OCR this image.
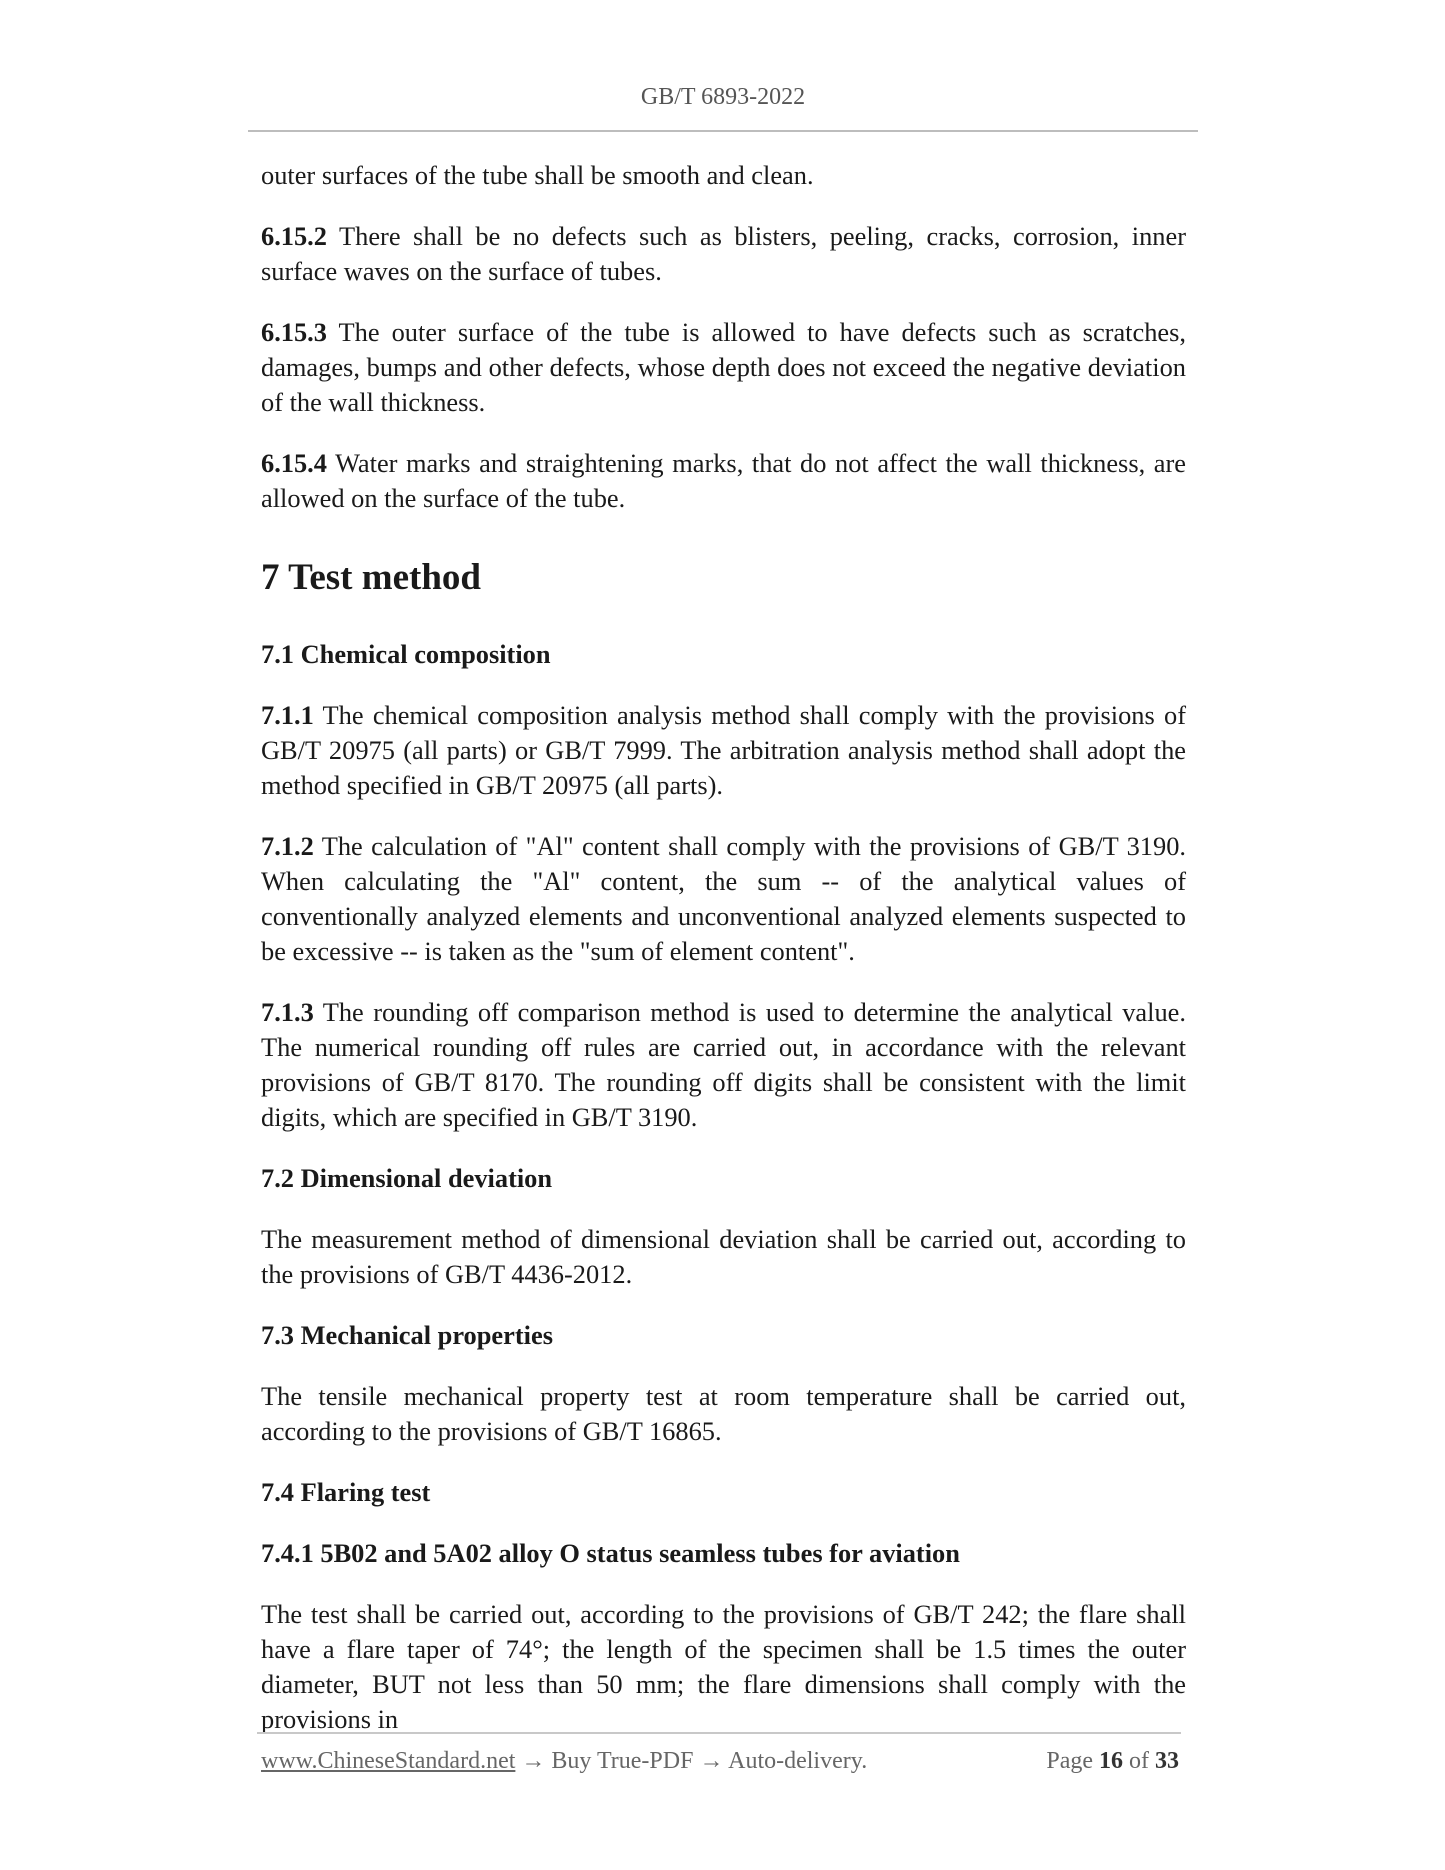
GB/T 6893-2022

outer surfaces of the tube shall be smooth and clean.

6.15.2 There shall be no defects such as blisters, peeling, cracks, corrosion, inner surface waves on the surface of tubes.

6.15.3 The outer surface of the tube is allowed to have defects such as scratches, damages, bumps and other defects, whose depth does not exceed the negative deviation of the wall thickness.

6.15.4 Water marks and straightening marks, that do not affect the wall thickness, are allowed on the surface of the tube.

7 Test method
7.1 Chemical composition

7.1.1 The chemical composition analysis method shall comply with the provisions of GB/T 20975 (all parts) or GB/T 7999. The arbitration analysis method shall adopt the method specified in GB/T 20975 (all parts).

7.1.2 The calculation of "Al" content shall comply with the provisions of GB/T 3190. When calculating the "Al" content, the sum -- of the analytical values of conventionally analyzed elements and unconventional analyzed elements suspected to be excessive -- is taken as the "sum of element content".

7.1.3 The rounding off comparison method is used to determine the analytical value. The numerical rounding off rules are carried out, in accordance with the relevant provisions of GB/T 8170. The rounding off digits shall be consistent with the limit digits, which are specified in GB/T 3190.

7.2 Dimensional deviation

The measurement method of dimensional deviation shall be carried out, according to the provisions of GB/T 4436-2012.

7.3 Mechanical properties

The tensile mechanical property test at room temperature shall be carried out, according to the provisions of GB/T 16865.

7.4 Flaring test
7.4.1 5B02 and 5A02 alloy O status seamless tubes for aviation

The test shall be carried out, according to the provisions of GB/T 242; the flare shall have a flare taper of 74°; the length of the specimen shall be 1.5 times the outer diameter, BUT not less than 50 mm; the flare dimensions shall comply with the provisions in

www.ChineseStandard.net → Buy True-PDF → Auto-delivery.	Page 16 of 33
